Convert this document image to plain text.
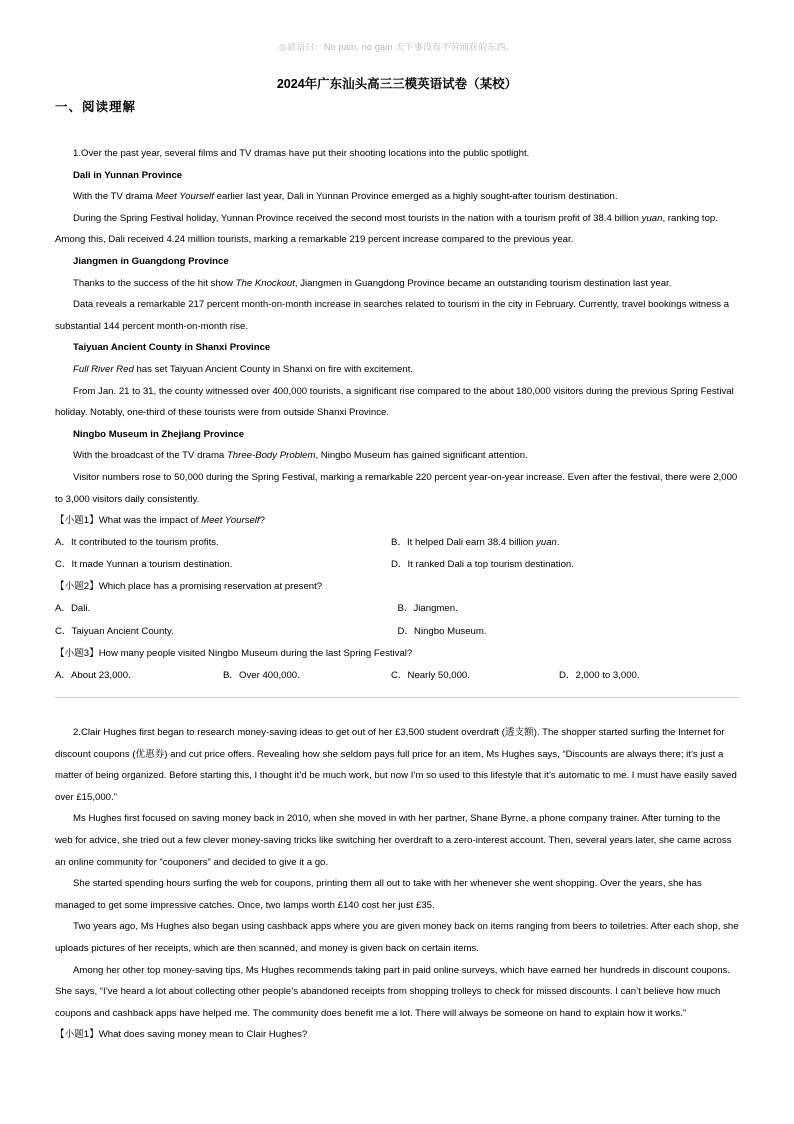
◎谚语曰：No pain, no gain.天下事没有不劳而获的东西。
2024年广东汕头高三三模英语试卷（某校）
一、阅读理解

1.Over the past year, several films and TV dramas have put their shooting locations into the public spotlight.

Dali in Yunnan Province

With the TV drama Meet Yourself earlier last year, Dali in Yunnan Province emerged as a highly sought-after tourism destination.

During the Spring Festival holiday, Yunnan Province received the second most tourists in the nation with a tourism profit of 38.4 billion yuan, ranking top. Among this, Dali received 4.24 million tourists, marking a remarkable 219 percent increase compared to the previous year.

Jiangmen in Guangdong Province

Thanks to the success of the hit show The Knockout, Jiangmen in Guangdong Province became an outstanding tourism destination last year.

Data reveals a remarkable 217 percent month-on-month increase in searches related to tourism in the city in February. Currently, travel bookings witness a substantial 144 percent month-on-month rise.

Taiyuan Ancient County in Shanxi Province

Full River Red has set Taiyuan Ancient County in Shanxi on fire with excitement.

From Jan. 21 to 31, the county witnessed over 400,000 tourists, a significant rise compared to the about 180,000 visitors during the previous Spring Festival holiday. Notably, one-third of these tourists were from outside Shanxi Province.

Ningbo Museum in Zhejiang Province

With the broadcast of the TV drama Three-Body Problem, Ningbo Museum has gained significant attention.

Visitor numbers rose to 50,000 during the Spring Festival, marking a remarkable 220 percent year-on-year increase. Even after the festival, there were 2,000 to 3,000 visitors daily consistently.

【小题1】What was the impact of Meet Yourself?

A．It contributed to the tourism profits.	B．It helped Dali earn 38.4 billion yuan.
C．It made Yunnan a tourism destination.	D．It ranked Dali a top tourism destination.

【小题2】Which place has a promising reservation at present?

A．Dali.	B．Jiangmen.
C．Taiyuan Ancient County.	D．Ningbo Museum.

【小题3】How many people visited Ningbo Museum during the last Spring Festival?

A．About 23,000.	B．Over 400,000.	C．Nearly 50,000.	D．2,000 to 3,000.

2.Clair Hughes first began to research money-saving ideas to get out of her £3,500 student overdraft (透支额). The shopper started surfing the Internet for discount coupons (优惠券) and cut price offers. Revealing how she seldom pays full price for an item, Ms Hughes says, “Discounts are always there; it’s just a matter of being organized. Before starting this, I thought it’d be much work, but now I’m so used to this lifestyle that it’s automatic to me. I must have easily saved over £15,000.”

Ms Hughes first focused on saving money back in 2010, when she moved in with her partner, Shane Byrne, a phone company trainer. After turning to the web for advice, she tried out a few clever money-saving tricks like switching her overdraft to a zero-interest account. Then, several years later, she came across an online community for “couponers” and decided to give it a go.

She started spending hours surfing the web for coupons, printing them all out to take with her whenever she went shopping. Over the years, she has managed to get some impressive catches. Once, two lamps worth £140 cost her just £35.

Two years ago, Ms Hughes also began using cashback apps where you are given money back on items ranging from beers to toiletries. After each shop, she uploads pictures of her receipts, which are then scanned, and money is given back on certain items.

Among her other top money-saving tips, Ms Hughes recommends taking part in paid online surveys, which have earned her hundreds in discount coupons. She says, “I’ve heard a lot about collecting other people’s abandoned receipts from shopping trolleys to check for missed discounts. I can’t believe how much coupons and cashback apps have helped me. The community does benefit me a lot. There will always be someone on hand to explain how it works.”

【小题1】What does saving money mean to Clair Hughes?
